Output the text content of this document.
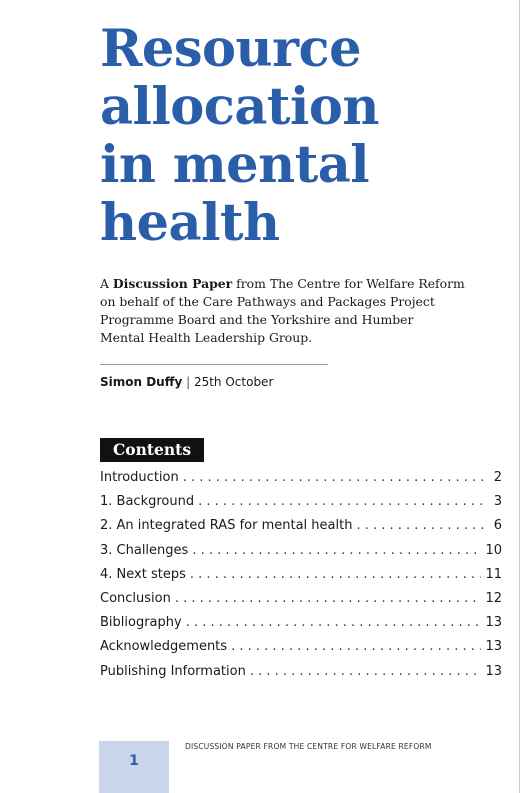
Resource
allocation
in mental
health
A Discussion Paper from The Centre for Welfare Reform
on behalf of the Care Pathways and Packages Project
Programme Board and the Yorkshire and Humber
Mental Health Leadership Group.
Simon Duffy | 25th October
Contents
Introduction . . .	2
1. Background . . .	3
2. An integrated RAS for mental health . . .	6
3. Challenges . . .	10
4. Next steps . . .	11
Conclusion . . .	12
Bibliography . . .	13
Acknowledgements . . .	13
Publishing Information . . .	13
1
DISCUSSION PAPER FROM THE CENTRE FOR WELFARE REFORM
